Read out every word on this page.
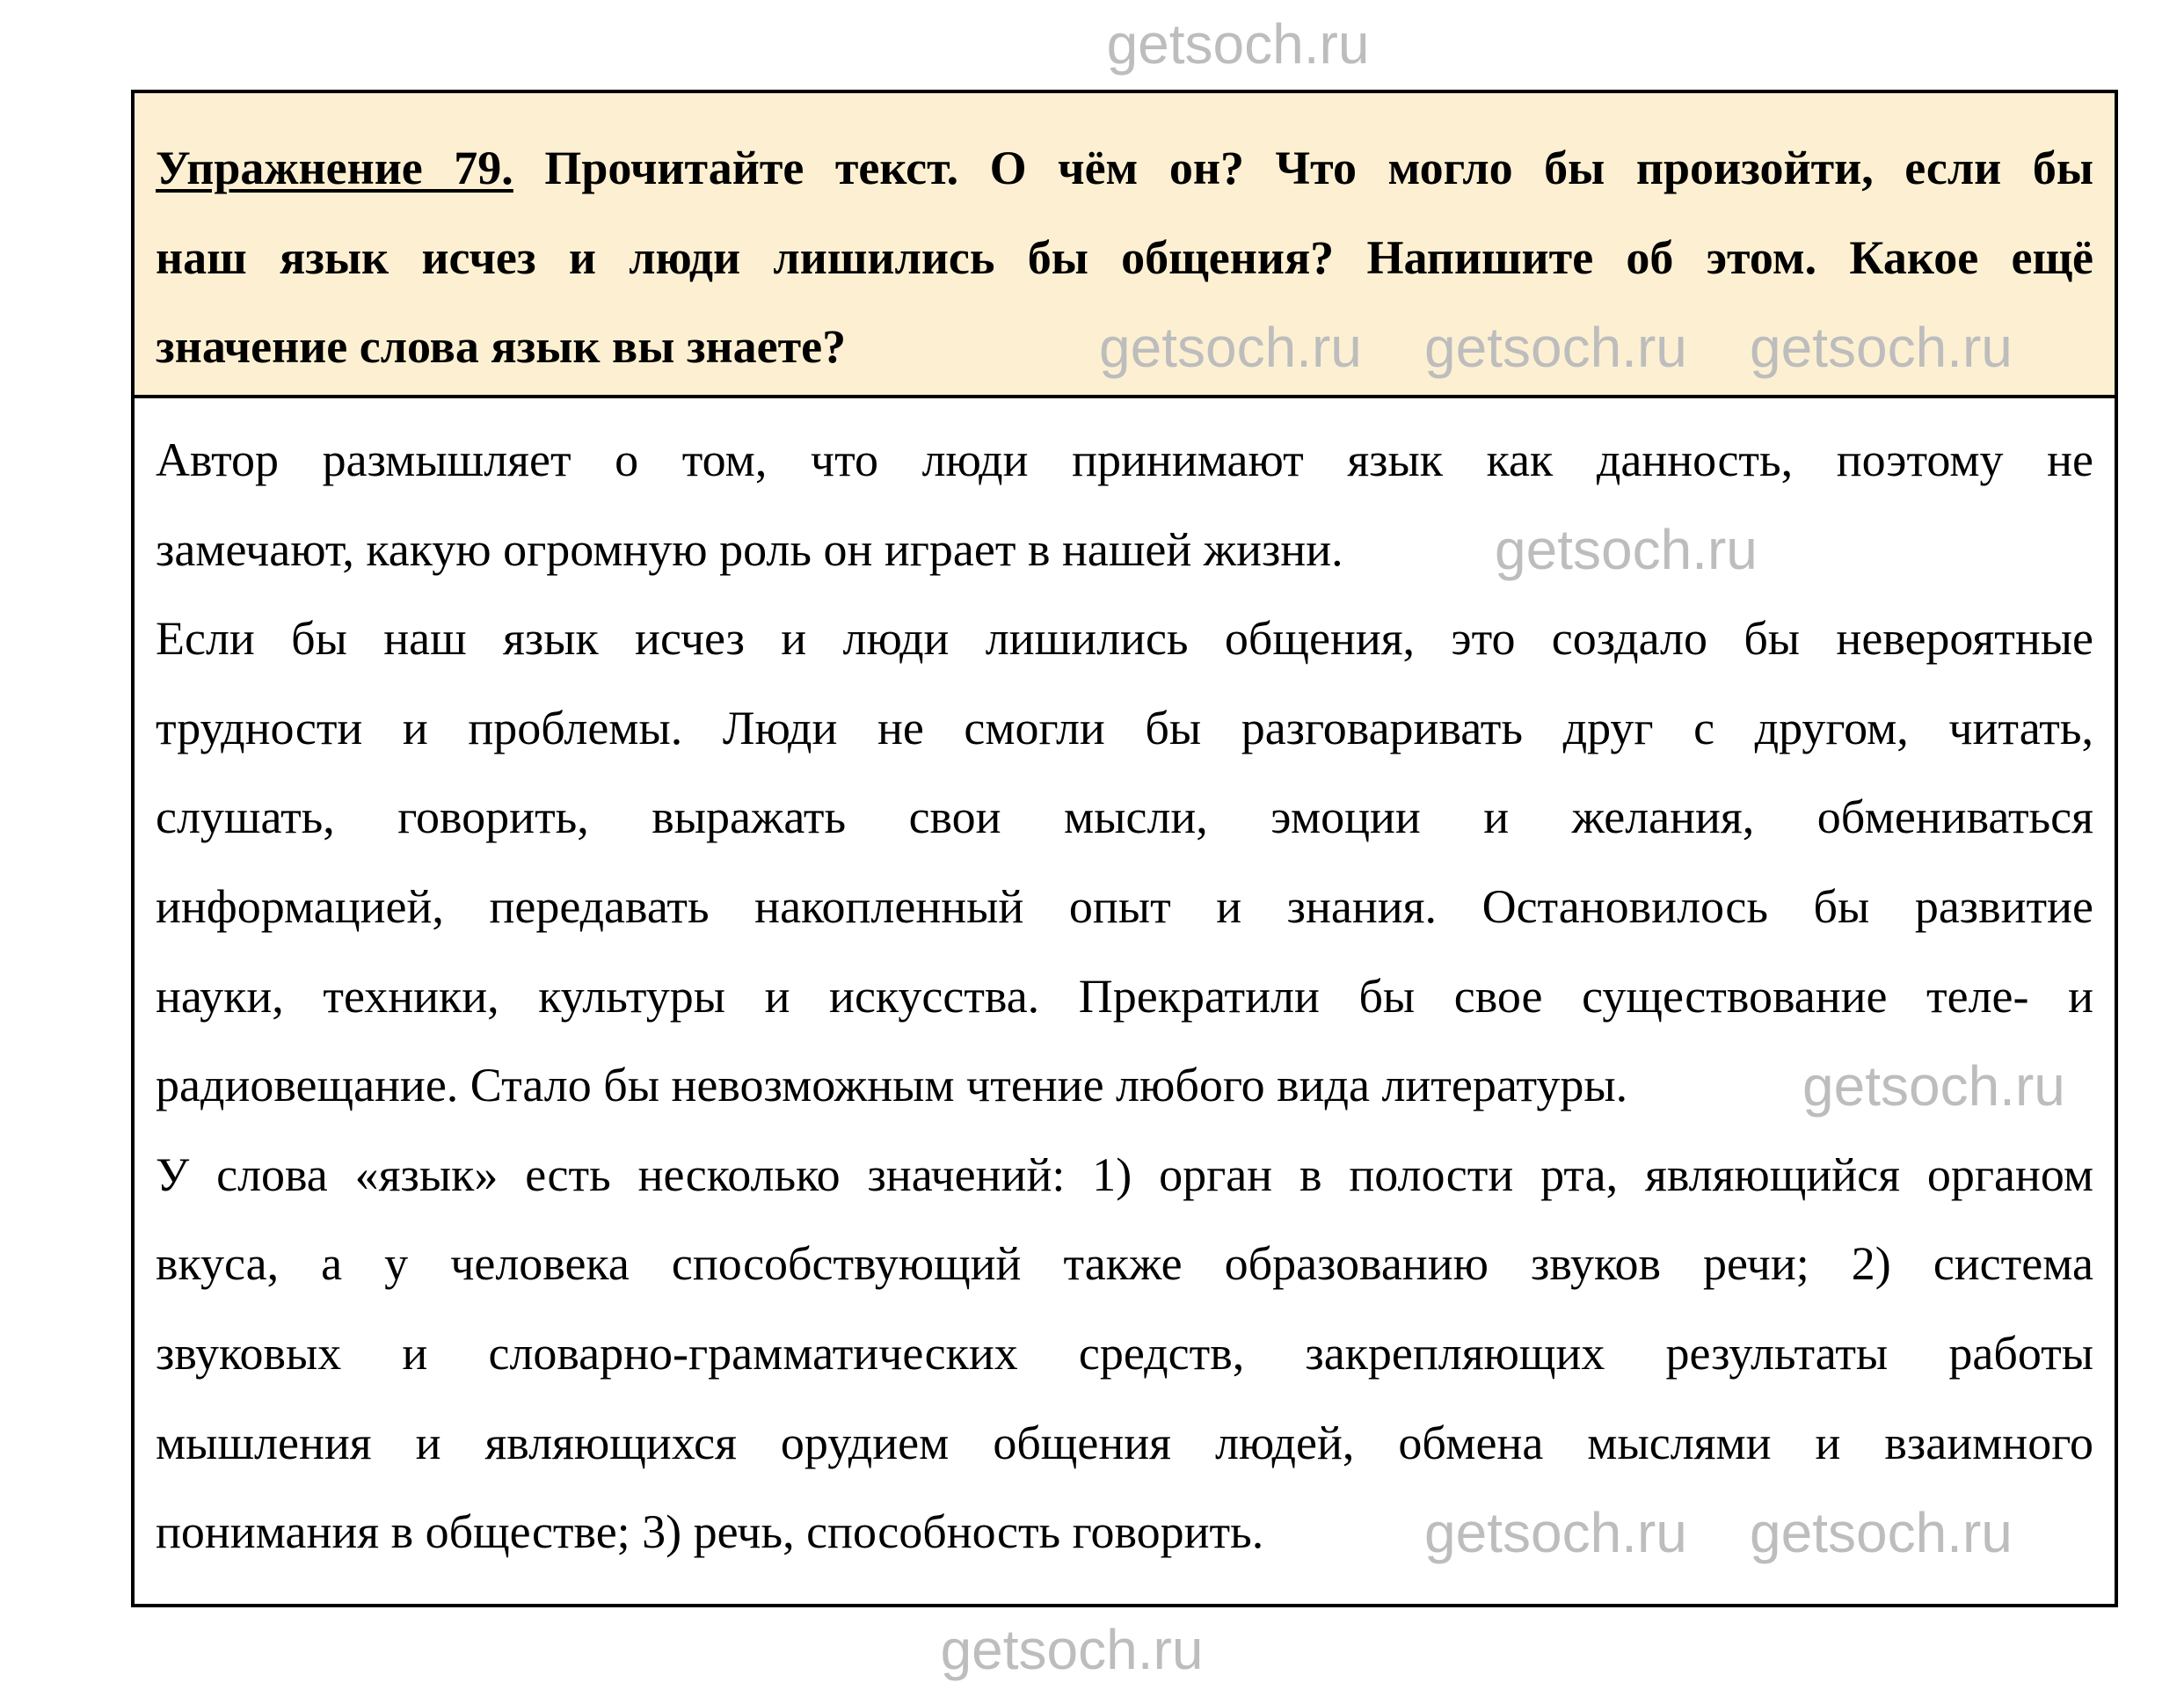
Упражнение 79. Прочитайте текст. О чём он? Что могло бы произойти, если бы
наш язык исчез и люди лишились бы общения? Напишите об этом. Какое ещё
значение слова язык вы знаете?
Автор размышляет о том, что люди принимают язык как данность, поэтому не
замечают, какую огромную роль он играет в нашей жизни.
Если бы наш язык исчез и люди лишились общения, это создало бы невероятные
трудности и проблемы. Люди не смогли бы разговаривать друг с другом, читать,
слушать, говорить, выражать свои мысли, эмоции и желания, обмениваться
информацией, передавать накопленный опыт и знания. Остановилось бы развитие
науки, техники, культуры и искусства. Прекратили бы свое существование теле- и
радиовещание. Стало бы невозможным чтение любого вида литературы.
У слова «язык» есть несколько значений: 1) орган в полости рта, являющийся органом
вкуса, а у человека способствующий также образованию звуков речи; 2) система
звуковых и словарно-грамматических средств, закрепляющих результаты работы
мышления и являющихся орудием общения людей, обмена мыслями и взаимного
понимания в обществе; 3) речь, способность говорить.
getsoch.ru
getsoch.ru getsoch.ru getsoch.ru
getsoch.ru
getsoch.ru
getsoch.ru getsoch.ru
getsoch.ru
